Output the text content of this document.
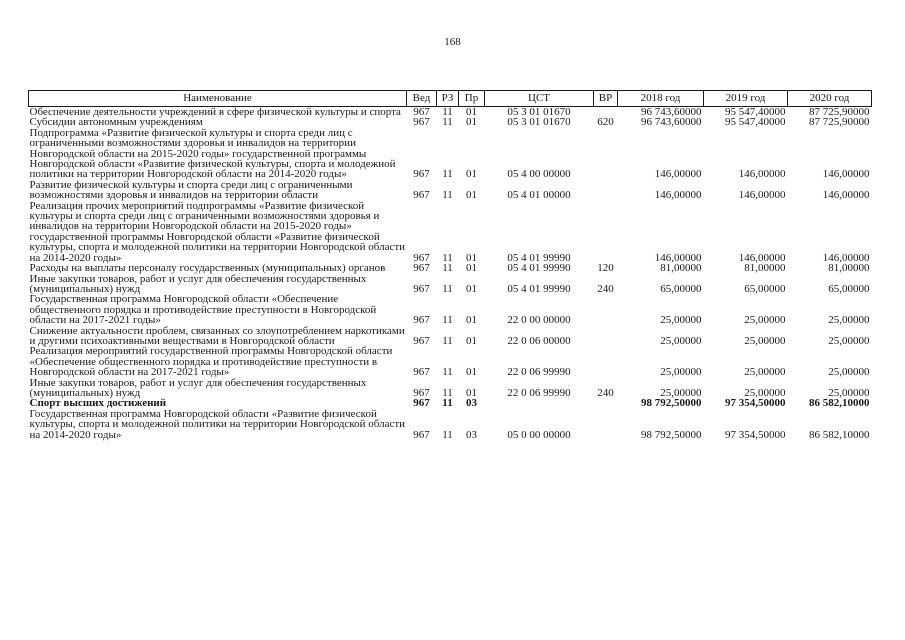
168
Наименование	Вед	РЗ	Пр	ЦСТ	ВР	2018 год	2019 год	2020 год
Обеспечение деятельности учреждений в сфере физической культуры и спорта	967	11	01	05 3 01 01670		96 743,60000	95 547,40000	87 725,90000
Субсидии автономным учреждениям	967	11	01	05 3 01 01670	620	96 743,60000	95 547,40000	87 725,90000
Подпрограмма «Развитие физической культуры и спорта среди лиц с ограниченными возможностями здоровья и инвалидов на территории Новгородской области на 2015-2020 годы» государственной программы Новгородской области «Развитие физической культуры, спорта и молодежной политики на территории Новгородской области на 2014-2020 годы»	967	11	01	05 4 00 00000		146,00000	146,00000	146,00000
Развитие физической культуры и спорта среди лиц с ограниченными возможностями здоровья и инвалидов на территории области	967	11	01	05 4 01 00000		146,00000	146,00000	146,00000
Реализация прочих мероприятий подпрограммы «Развитие физической культуры и спорта среди лиц с ограниченными возможностями здоровья и инвалидов на территории Новгородской области на 2015-2020 годы» государственной программы Новгородской области «Развитие физической культуры, спорта и молодежной политики на территории Новгородской области на 2014-2020 годы»	967	11	01	05 4 01 99990		146,00000	146,00000	146,00000
Расходы на выплаты персоналу государственных (муниципальных) органов	967	11	01	05 4 01 99990	120	81,00000	81,00000	81,00000
Иные закупки товаров, работ и услуг для обеспечения государственных (муниципальных) нужд	967	11	01	05 4 01 99990	240	65,00000	65,00000	65,00000
Государственная программа Новгородской области «Обеспечение общественного порядка и противодействие преступности в Новгородской области на 2017-2021 годы»	967	11	01	22 0 00 00000		25,00000	25,00000	25,00000
Снижение актуальности проблем, связанных со злоупотреблением наркотиками и другими психоактивными веществами в Новгородской области	967	11	01	22 0 06 00000		25,00000	25,00000	25,00000
Реализация мероприятий государственной программы Новгородской области «Обеспечение общественного порядка и противодействие преступности в Новгородской области на 2017-2021 годы»	967	11	01	22 0 06 99990		25,00000	25,00000	25,00000
Иные закупки товаров, работ и услуг для обеспечения государственных (муниципальных) нужд	967	11	01	22 0 06 99990	240	25,00000	25,00000	25,00000
Спорт высших достижений	967	11	03			98 792,50000	97 354,50000	86 582,10000
Государственная программа Новгородской области «Развитие физической культуры, спорта и молодежной политики на территории Новгородской области на 2014-2020 годы»	967	11	03	05 0 00 00000		98 792,50000	97 354,50000	86 582,10000
